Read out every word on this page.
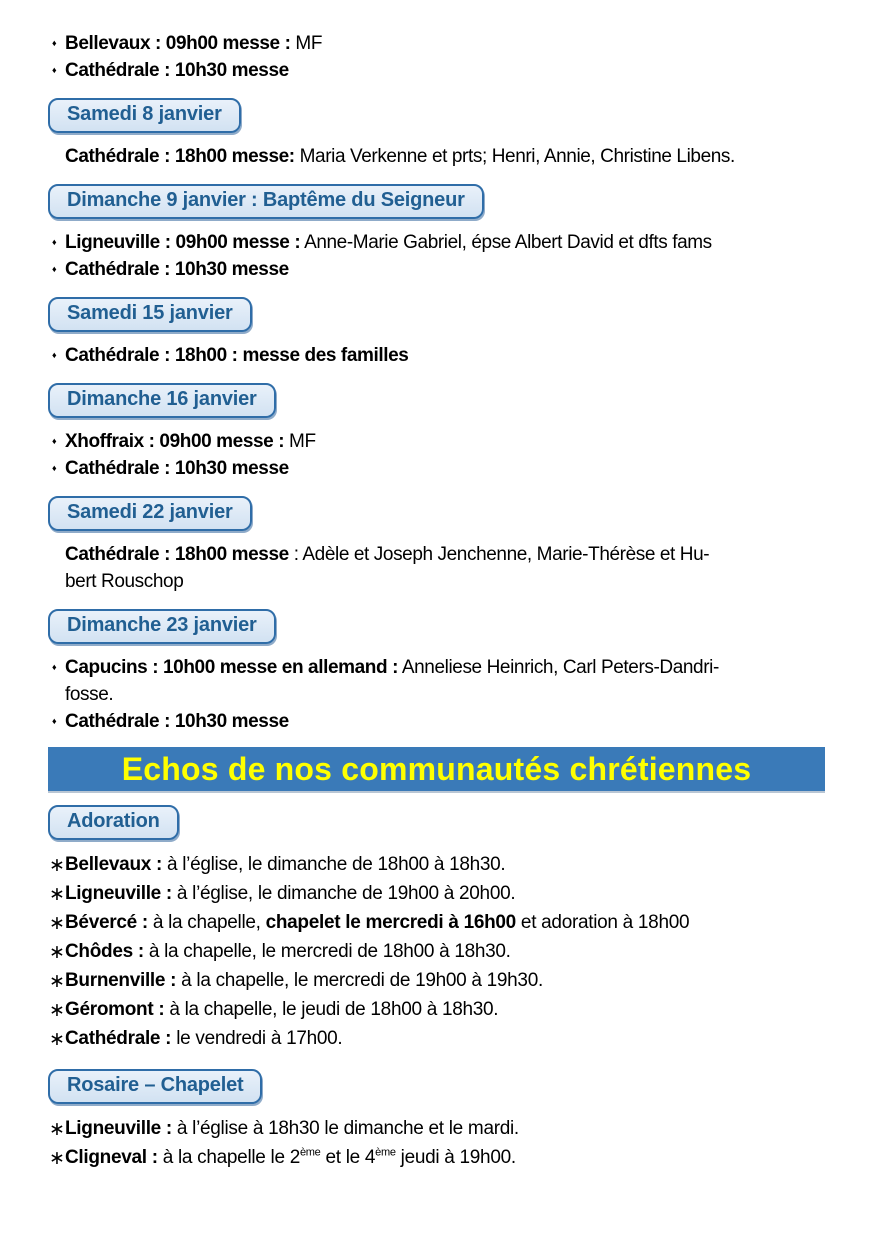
♦ Bellevaux : 09h00 messe : MF
♦ Cathédrale : 10h30 messe
Samedi 8 janvier
Cathédrale : 18h00 messe: Maria Verkenne et prts; Henri, Annie, Christine Libens.
Dimanche 9 janvier : Baptême du Seigneur
♦ Ligneuville : 09h00 messe : Anne-Marie Gabriel, épse Albert David et dfts fams
♦ Cathédrale : 10h30 messe
Samedi 15 janvier
♦ Cathédrale : 18h00 : messe des familles
Dimanche 16 janvier
♦ Xhoffraix : 09h00 messe : MF
♦ Cathédrale : 10h30 messe
Samedi 22 janvier
Cathédrale : 18h00 messe : Adèle et Joseph Jenchenne, Marie-Thérèse et Hu-
bert Rouschop
Dimanche 23 janvier
♦ Capucins : 10h00 messe en allemand : Anneliese Heinrich, Carl Peters-Dandri-
fosse.
♦ Cathédrale : 10h30 messe
Echos de nos communautés chrétiennes
Adoration
∗ Bellevaux : à l’église, le dimanche de 18h00 à 18h30.
∗ Ligneuville : à l’église, le dimanche de 19h00 à 20h00.
∗ Bévercé : à la chapelle, chapelet le mercredi à 16h00 et adoration à 18h00
∗ Chôdes : à la chapelle, le mercredi de 18h00 à 18h30.
∗ Burnenville : à la chapelle, le mercredi de 19h00 à 19h30.
∗ Géromont : à la chapelle, le jeudi de 18h00 à 18h30.
∗ Cathédrale : le vendredi à 17h00.
Rosaire – Chapelet
∗ Ligneuville : à l’église à 18h30 le dimanche et le mardi.
∗ Cligneval : à la chapelle le 2ème et le 4ème jeudi à 19h00.
